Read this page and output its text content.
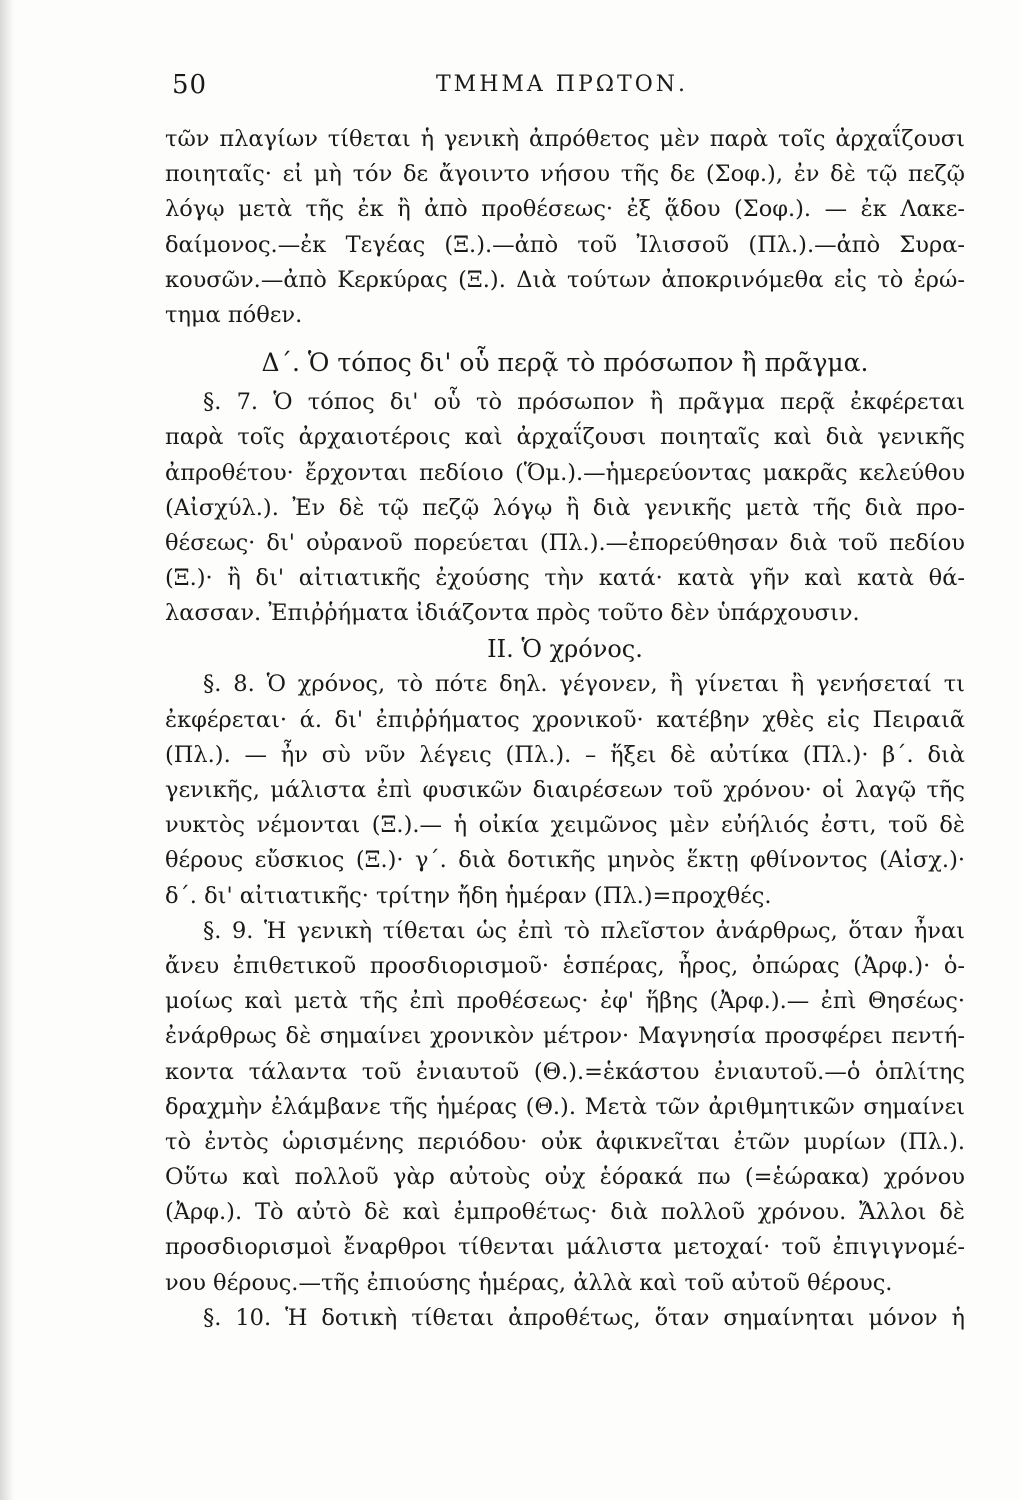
50	ΤΜΗΜΑ ΠΡΩΤΟΝ.
τῶν πλαγίων τίθεται ἡ γενικὴ ἀπρόθετος μὲν παρὰ τοῖς ἀρχαΐζουσι
ποιηταῖς· εἰ μὴ τόν δε ἄγοιντο νήσου τῆς δε (Σοφ.), ἐν δὲ τῷ πεζῷ
λόγῳ μετὰ τῆς ἐκ ἢ ἀπὸ προθέσεως· ἐξ ᾅδου (Σοφ.). — ἐκ Λακε-
δαίμονος.—ἐκ Τεγέας (Ξ.).—ἀπὸ τοῦ Ἰλισσοῦ (Πλ.).—ἀπὸ Συρα-
κουσῶν.—ἀπὸ Κερκύρας (Ξ.). Διὰ τούτων ἀποκρινόμεθα εἰς τὸ ἐρώ-
τημα πόθεν.
Δ΄. Ὁ τόπος δι' οὗ περᾷ τὸ πρόσωπον ἢ πρᾶγμα.
§. 7. Ὁ τόπος δι' οὗ τὸ πρόσωπον ἢ πρᾶγμα περᾷ ἐκφέρεται
παρὰ τοῖς ἀρχαιοτέροις καὶ ἀρχαΐζουσι ποιηταῖς καὶ διὰ γενικῆς
ἀπροθέτου· ἔρχονται πεδίοιο (Ὅμ.).—ἡμερεύοντας μακρᾶς κελεύθου
(Αἰσχύλ.). Ἐν δὲ τῷ πεζῷ λόγῳ ἢ διὰ γενικῆς μετὰ τῆς διὰ προ-
θέσεως· δι' οὐρανοῦ πορεύεται (Πλ.).—ἐπορεύθησαν διὰ τοῦ πεδίου
(Ξ.)· ἢ δι' αἰτιατικῆς ἐχούσης τὴν κατά· κατὰ γῆν καὶ κατὰ θά-
λασσαν. Ἐπιῤῥήματα ἰδιάζοντα πρὸς τοῦτο δὲν ὑπάρχουσιν.
ΙΙ. Ὁ χρόνος.
§. 8. Ὁ χρόνος, τὸ πότε δηλ. γέγονεν, ἢ γίνεται ἢ γενήσεταί τι
ἐκφέρεται· ά. δι' ἐπιῤῥήματος χρονικοῦ· κατέβην χθὲς εἰς Πειραιᾶ
(Πλ.). — ἦν σὺ νῦν λέγεις (Πλ.). – ἥξει δὲ αὐτίκα (Πλ.)· β΄. διὰ
γενικῆς, μάλιστα ἐπὶ φυσικῶν διαιρέσεων τοῦ χρόνου· οἱ λαγῷ τῆς
νυκτὸς νέμονται (Ξ.).— ἡ οἰκία χειμῶνος μὲν εὐήλιός ἐστι, τοῦ δὲ
θέρους εὔσκιος (Ξ.)· γ΄. διὰ δοτικῆς μηνὸς ἕκτῃ φθίνοντος (Αἰσχ.)·
δ΄. δι' αἰτιατικῆς· τρίτην ἤδη ἡμέραν (Πλ.)=προχθές.
§. 9. Ἡ γενικὴ τίθεται ὡς ἐπὶ τὸ πλεῖστον ἀνάρθρως, ὅταν ἦναι
ἄνευ ἐπιθετικοῦ προσδιορισμοῦ· ἑσπέρας, ἦρος, ὀπώρας (Ἀρφ.)· ὁ-
μοίως καὶ μετὰ τῆς ἐπὶ προθέσεως· ἐφ' ἥβης (Ἀρφ.).— ἐπὶ Θησέως·
ἐνάρθρως δὲ σημαίνει χρονικὸν μέτρον· Μαγνησία προσφέρει πεντή-
κοντα τάλαντα τοῦ ἐνιαυτοῦ (Θ.).=ἑκάστου ἐνιαυτοῦ.—ὁ ὁπλίτης
δραχμὴν ἐλάμβανε τῆς ἡμέρας (Θ.). Μετὰ τῶν ἀριθμητικῶν σημαίνει
τὸ ἐντὸς ὡρισμένης περιόδου· οὐκ ἀφικνεῖται ἐτῶν μυρίων (Πλ.).
Οὕτω καὶ πολλοῦ γὰρ αὐτοὺς οὐχ ἑόρακά πω (=ἑώρακα) χρόνου
(Ἀρφ.). Τὸ αὐτὸ δὲ καὶ ἐμπροθέτως· διὰ πολλοῦ χρόνου. Ἄλλοι δὲ
προσδιορισμοὶ ἔναρθροι τίθενται μάλιστα μετοχαί· τοῦ ἐπιγιγνομέ-
νου θέρους.—τῆς ἐπιούσης ἡμέρας, ἀλλὰ καὶ τοῦ αὐτοῦ θέρους.
§. 10. Ἡ δοτικὴ τίθεται ἀπροθέτως, ὅταν σημαίνηται μόνον ἡ
